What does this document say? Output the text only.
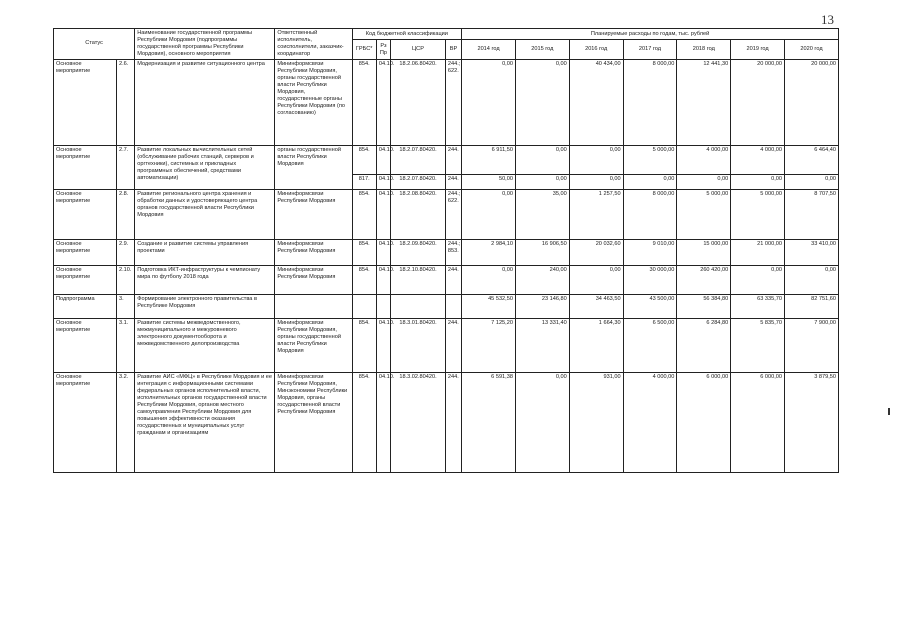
13
Статус		Наименование государственной программы Республики Мордовия (подпрограммы государственной программы Республики Мордовия), основного мероприятия	Ответственный исполнитель, соисполнители, заказчик-координатор	Код бюджетной классификации				Планируемые расходы по годам, тыс. рублей						
				ГРБС*	Рз Пр	ЦСР	ВР	2014 год	2015 год	2016 год	2017 год	2018 год	2019 год	2020 год
Основное мероприятие	2.6.	Модернизация и развитие ситуационного центра	Мининформсвязи Республики Мордовия, органы государственной власти Республики Мордовия, государственные органы Республики Мордовия (по согласованию)	854.	04.10.	18.2.06.80420.	244.; 622.	0,00	0,00	40 434,00	8 000,00	12 441,30	20 000,00	20 000,00
Основное мероприятие	2.7.	Развитие локальных вычислительных сетей (обслуживание рабочих станций, серверов и оргтехники), системных и прикладных программных обеспечений, средствами автоматизации)	органы государственной власти Республики Мордовия	854.	04.10.	18.2.07.80420.	244.	6 911,50	0,00	0,00	5 000,00	4 000,00	4 000,00	6 464,40
				817.	04.10.	18.2.07.80420.	244.	50,00	0,00	0,00	0,00	0,00	0,00	0,00
Основное мероприятие	2.8.	Развитие регионального центра хранения и обработки данных и удостоверяющего центра органов государственной власти Республики Мордовия	Мининформсвязи Республики Мордовия	854.	04.10.	18.2.08.80420.	244.; 622.	0,00	35,00	1 257,50	8 000,00	5 000,00	5 000,00	8 707,50
Основное мероприятие	2.9.	Создание и развитие системы управления проектами	Мининформсвязи Республики Мордовия	854.	04.10.	18.2.09.80420.	244.; 853.	2 984,10	16 906,50	20 032,60	9 010,00	15 000,00	21 000,00	33 410,00
Основное мероприятие	2.10.	Подготовка ИКТ-инфраструктуры к чемпионату мира по футболу 2018 года	Мининформсвязи Республики Мордовия	854.	04.10.	18.2.10.80420.	244.	0,00	240,00	0,00	30 000,00	260 420,00	0,00	0,00
Подпрограмма	3.	Формирование электронного правительства в Республике Мордовия						45 532,50	23 146,80	34 463,50	43 500,00	56 384,80	63 335,70	82 751,60
Основное мероприятие	3.1.	Развитие системы межведомственного, межмуниципального и межуровневого электронного документооборота и межведомственного делопроизводства	Мининформсвязи Республики Мордовия, органы государственной власти Республики Мордовия	854.	04.10.	18.3.01.80420.	244.	7 125,20	13 331,40	1 664,30	6 500,00	6 284,80	5 835,70	7 900,00
Основное мероприятие	3.2.	Развитие АИС «МФЦ» в Республике Мордовия и ее интеграция с информационными системами федеральных органов исполнительной власти, исполнительных органов государственной власти Республики Мордовия, органов местного самоуправления Республики Мордовия для повышения эффективности оказания государственных и муниципальных услуг гражданам и организациям	Мининформсвязи Республики Мордовия, Минэкономики Республики Мордовия, органы государственной власти Республики Мордовия	854.	04.10.	18.3.02.80420.	244.	6 591,38	0,00	931,00	4 000,00	6 000,00	6 000,00	3 879,50
